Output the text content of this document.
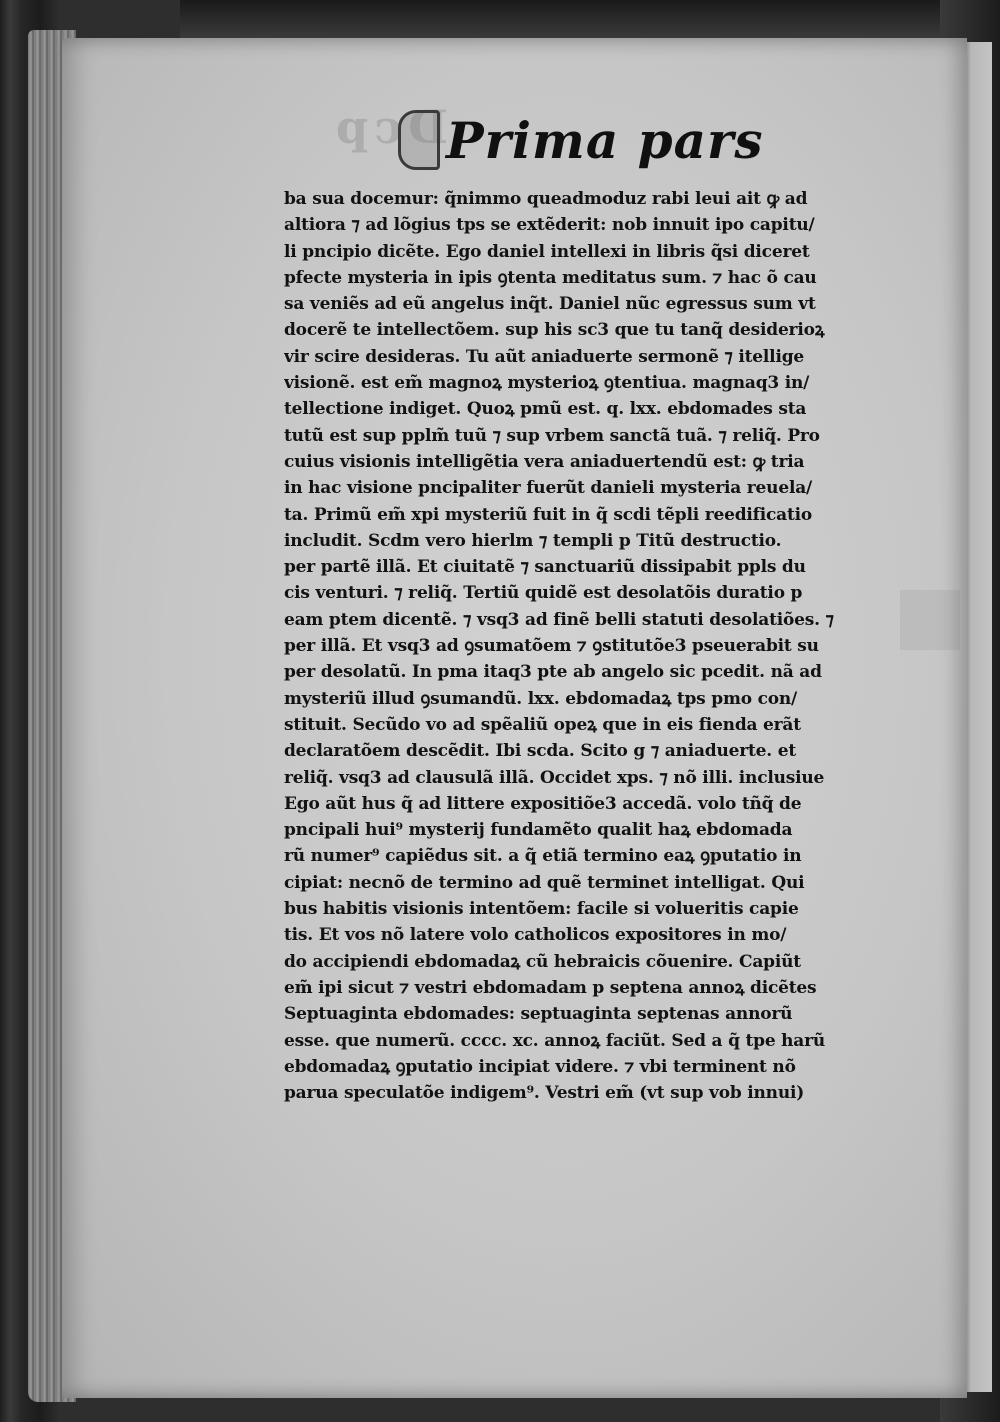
Prima pars
ba sua docemur: q̃nimmo queadmoduz rabi leui ait ꝙ ad
altiora ⁊ ad lõgius tps se extẽderit: nob innuit ipo capitu/
li pncipio dicẽte. Ego daniel intellexi in libris q̃si diceret
pfecte mysteria in ipis ꝯtenta meditatus sum. ⁊ hac õ cau
sa veniẽs ad eũ angelus inq̃t. Daniel nũc egressus sum vt
docerẽ te intellectõem. sup his sc3 que tu tanq̃ desiderioꝝ
vir scire desideras. Tu aũt aniaduerte sermonẽ ⁊ itellige
visionẽ. est em̃ magnoꝝ mysterioꝝ ꝯtentiua. magnaq3 in/
tellectione indiget. Quoꝝ pmũ est. q. lxx. ebdomades sta
tutũ est sup pplm̃ tuũ ⁊ sup vrbem sanctã tuã. ⁊ reliq̃. Pro
cuius visionis intelligẽtia vera aniaduertendũ est: ꝙ tria
in hac visione pncipaliter fuerũt danieli mysteria reuela/
ta. Primũ em̃ xpi mysteriũ fuit in q̃ scdi tẽpli reedificatio
includit. Scdm vero hierlm ⁊ templi p Titũ destructio.
per partẽ illã. Et ciuitatẽ ⁊ sanctuariũ dissipabit ppls du
cis venturi. ⁊ reliq̃. Tertiũ quidẽ est desolatõis duratio p
eam ptem dicentẽ. ⁊ vsq3 ad finẽ belli statuti desolatiões. ⁊
per illã. Et vsq3 ad ꝯsumatõem ⁊ ꝯstitutõe3 pseuerabit su
per desolatũ. In pma itaq3 pte ab angelo sic pcedit. nã ad
mysteriũ illud ꝯsumandũ. lxx. ebdomadaꝝ tps pmo con/
stituit. Secũdo vo ad spẽaliũ opeꝝ que in eis fienda erãt
declaratõem descẽdit. Ibi scda. Scito g ⁊ aniaduerte. et
reliq̃. vsq3 ad clausulã illã. Occidet xps. ⁊ nõ illi. inclusiue
Ego aũt hus q̃ ad littere expositiõe3 accedã. volo tñq̃ de
pncipali hui⁹ mysterij fundamẽto qualit haꝝ ebdomada
rũ numer⁹ capiẽdus sit. a q̃ etiã termino eaꝝ ꝯputatio in
cipiat: necnõ de termino ad quẽ terminet intelligat. Qui
bus habitis visionis intentõem: facile si volueritis capie
tis. Et vos nõ latere volo catholicos expositores in mo/
do accipiendi ebdomadaꝝ cũ hebraicis cõuenire. Capiũt
em̃ ipi sicut ⁊ vestri ebdomadam p septena annoꝝ dicẽtes
Septuaginta ebdomades: septuaginta septenas annorũ
esse. que numerũ. cccc. xc. annoꝝ faciũt. Sed a q̃ tpe harũ
ebdomadaꝝ ꝯputatio incipiat videre. ⁊ vbi terminent nõ
parua speculatõe indigem⁹. Vestri em̃ (vt sup vob innui)
